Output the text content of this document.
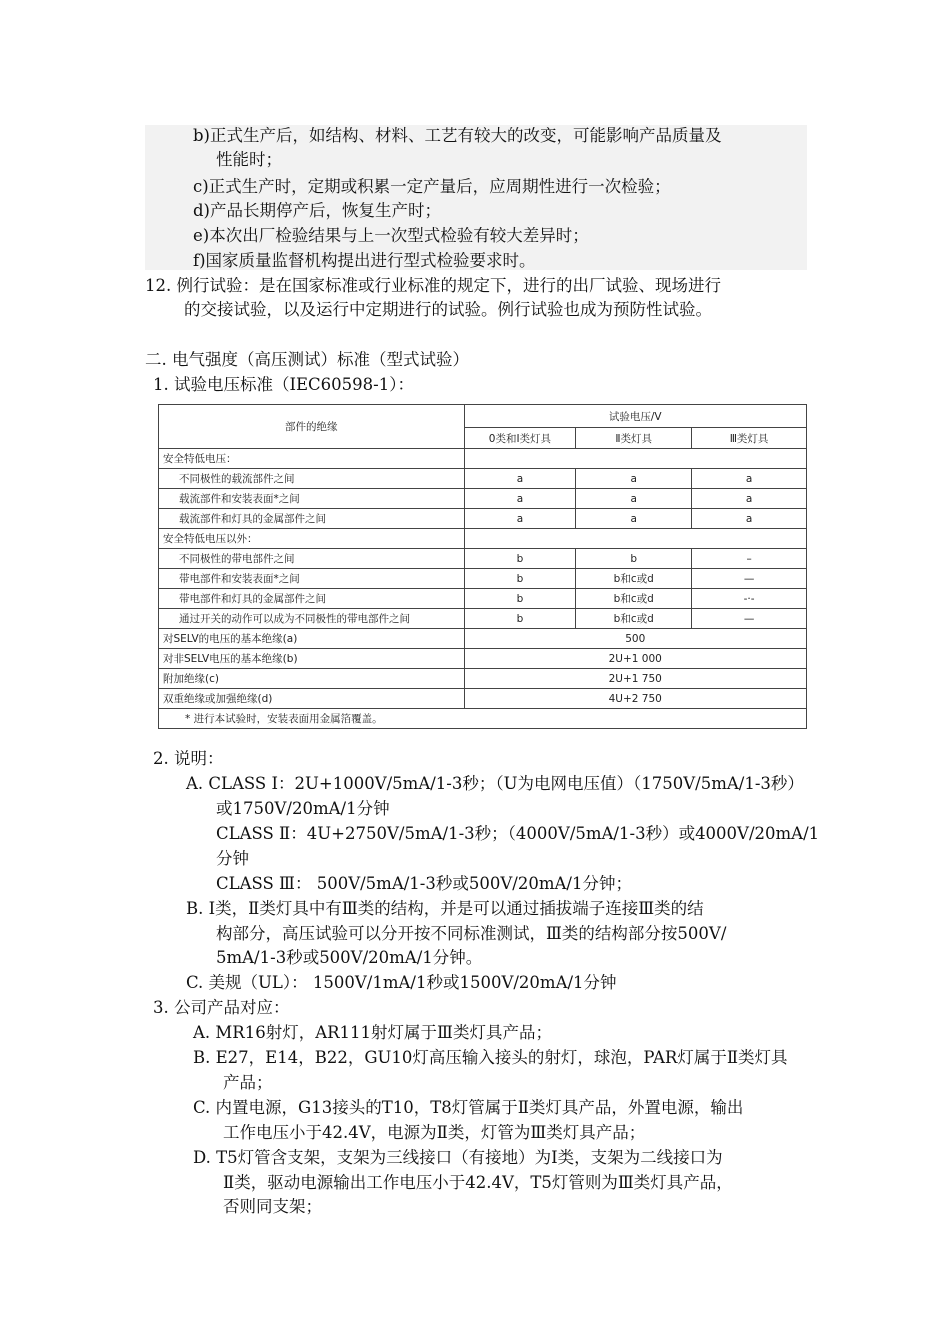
b)正式生产后，如结构、材料、工艺有较大的改变，可能影响产品质量及
性能时；
c)正式生产时，定期或积累一定产量后，应周期性进行一次检验；
d)产品长期停产后，恢复生产时；
e)本次出厂检验结果与上一次型式检验有较大差异时；
f)国家质量监督机构提出进行型式检验要求时。
12. 例行试验：是在国家标准或行业标准的规定下，进行的出厂试验、现场进行
的交接试验，以及运行中定期进行的试验。例行试验也成为预防性试验。
二. 电气强度（高压测试）标准（型式试验）
1. 试验电压标准（IEC60598-1）：
部件的绝缘	试验电压/V		
	0类和Ⅰ类灯具	Ⅱ类灯具	Ⅲ类灯具
安全特低电压：			
不同极性的载流部件之间	a	a	a
载流部件和安装表面*之间	a	a	a
载流部件和灯具的金属部件之间	a	a	a
安全特低电压以外：			
不同极性的带电部件之间	b	b	–
带电部件和安装表面*之间	b	b和c或d	—
带电部件和灯具的金属部件之间	b	b和c或d	-·-
通过开关的动作可以成为不同极性的带电部件之间	b	b和c或d	—
对SELV的电压的基本绝缘(a)	500		
对非SELV电压的基本绝缘(b)	2U+1 000		
附加绝缘(c)	2U+1 750		
双重绝缘或加强绝缘(d)	4U+2 750		
* 进行本试验时，安装表面用金属箔覆盖。			
2. 说明：
A. CLASS Ⅰ：2U+1000V/5mA/1-3秒；（U为电网电压值）（1750V/5mA/1-3秒）
或1750V/20mA/1分钟
CLASS Ⅱ：4U+2750V/5mA/1-3秒；（4000V/5mA/1-3秒）或4000V/20mA/1
分钟
CLASS Ⅲ： 500V/5mA/1-3秒或500V/20mA/1分钟；
B. Ⅰ类，Ⅱ类灯具中有Ⅲ类的结构，并是可以通过插拔端子连接Ⅲ类的结
构部分，高压试验可以分开按不同标准测试，Ⅲ类的结构部分按500V/
5mA/1-3秒或500V/20mA/1分钟。
C. 美规（UL）： 1500V/1mA/1秒或1500V/20mA/1分钟
3. 公司产品对应：
A. MR16射灯，AR111射灯属于Ⅲ类灯具产品；
B. E27，E14，B22，GU10灯高压输入接头的射灯，球泡，PAR灯属于Ⅱ类灯具
产品；
C. 内置电源，G13接头的T10，T8灯管属于Ⅱ类灯具产品，外置电源，输出
工作电压小于42.4V，电源为Ⅱ类，灯管为Ⅲ类灯具产品；
D. T5灯管含支架，支架为三线接口（有接地）为Ⅰ类，支架为二线接口为
Ⅱ类，驱动电源输出工作电压小于42.4V，T5灯管则为Ⅲ类灯具产品，
否则同支架；
